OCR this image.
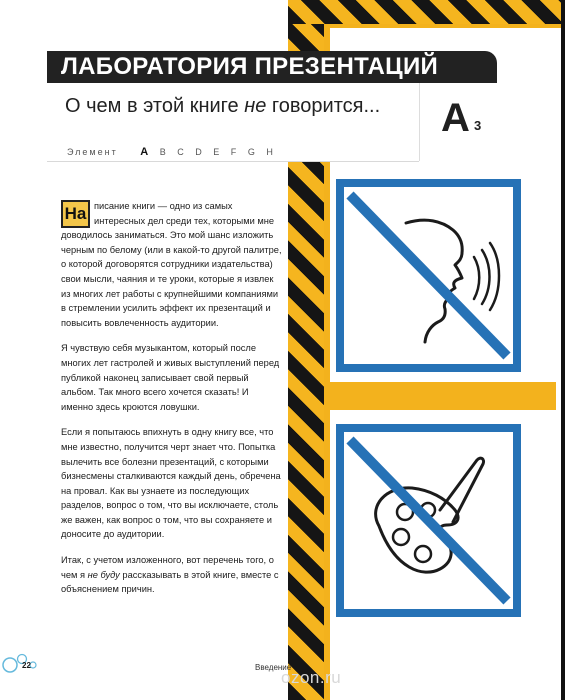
ЛАБОРАТОРИЯ ПРЕЗЕНТАЦИЙ
О чем в этой книге не говорится...
Элемент A B C D E F G H
A 3

На писание книги — одно из самых интересных дел среди тех, которыми мне доводилось заниматься. Это мой шанс изложить черным по белому (или в какой-то другой палитре, о которой договорятся сотрудники издательства) свои мысли, чаяния и те уроки, которые я извлек из многих лет работы с крупнейшими компаниями в стремлении усилить эффект их презентаций и повысить вовлеченность аудитории.

Я чувствую себя музыкантом, который после многих лет гастролей и живых выступлений перед публикой наконец записывает свой первый альбом. Так много всего хочется сказать! И именно здесь кроются ловушки.

Если я попытаюсь впихнуть в одну книгу все, что мне известно, получится черт знает что. Попытка вылечить все болезни презентаций, с которыми бизнесмены сталкиваются каждый день, обречена на провал. Как вы узнаете из последующих разделов, вопрос о том, что вы исключаете, столь же важен, как вопрос о том, что вы сохраняете и доносите до аудитории.

Итак, с учетом изложенного, вот перечень того, о чем я не буду рассказывать в этой книге, вместе с объяснением причин.

22	Введение
ozon.ru
